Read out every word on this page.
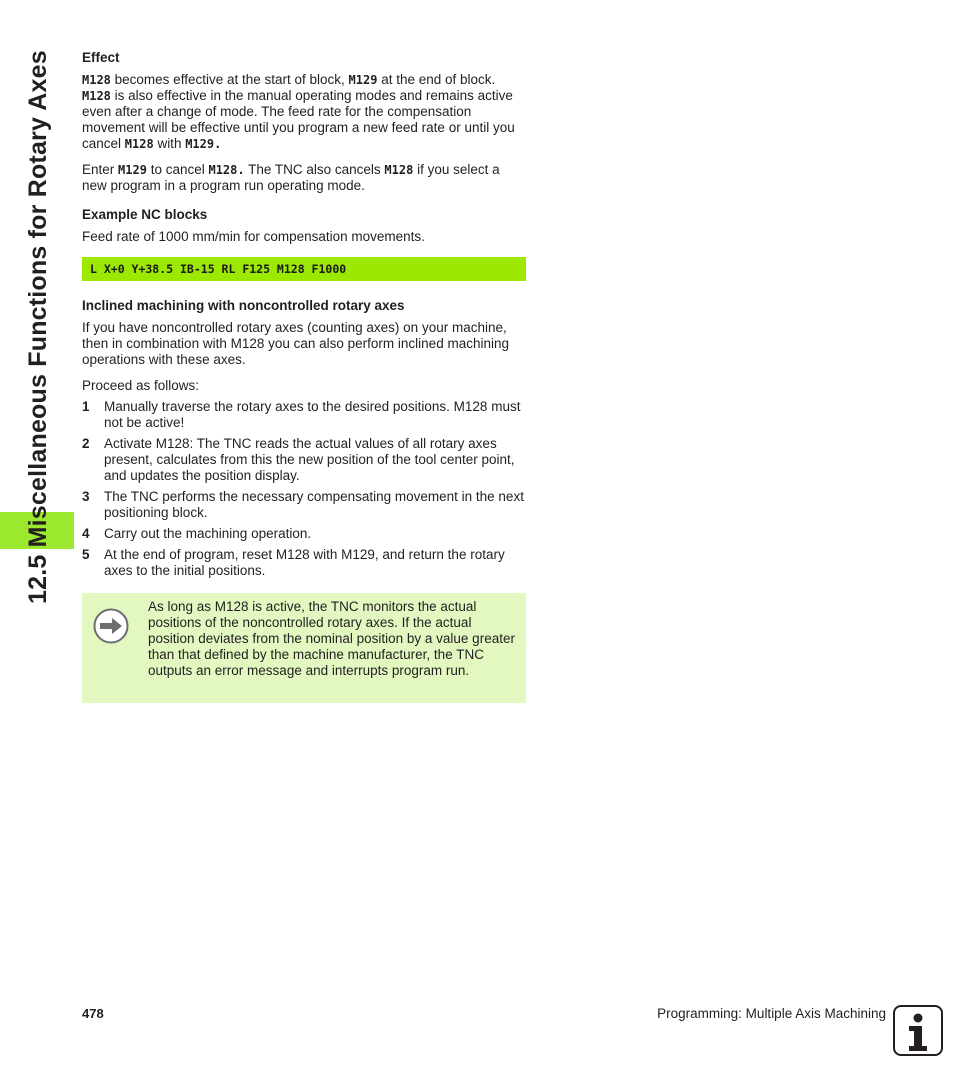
12.5 Miscellaneous Functions for Rotary Axes Effect

M128 becomes effective at the start of block, M129 at the end of block. M128 is also effective in the manual operating modes and remains active even after a change of mode. The feed rate for the compensation movement will be effective until you program a new feed rate or until you cancel M128 with M129.

Enter M129 to cancel M128. The TNC also cancels M128 if you select a new program in a program run operating mode.

Example NC blocks

Feed rate of 1000 mm/min for compensation movements.

L X+0 Y+38.5 IB-15 RL F125 M128 F1000
Inclined machining with noncontrolled rotary axes

If you have noncontrolled rotary axes (counting axes) on your machine, then in combination with M128 you can also perform inclined machining operations with these axes.

Proceed as follows:

1	Manually traverse the rotary axes to the desired positions. M128 must not be active!
2	Activate M128: The TNC reads the actual values of all rotary axes present, calculates from this the new position of the tool center point, and updates the position display.
3	The TNC performs the necessary compensating movement in the next positioning block.
4	Carry out the machining operation.
5	At the end of program, reset M128 with M129, and return the rotary axes to the initial positions.
As long as M128 is active, the TNC monitors the actual positions of the noncontrolled rotary axes. If the actual position deviates from the nominal position by a value greater than that defined by the machine manufacturer, the TNC outputs an error message and interrupts program run.
478	Programming: Multiple Axis Machining
